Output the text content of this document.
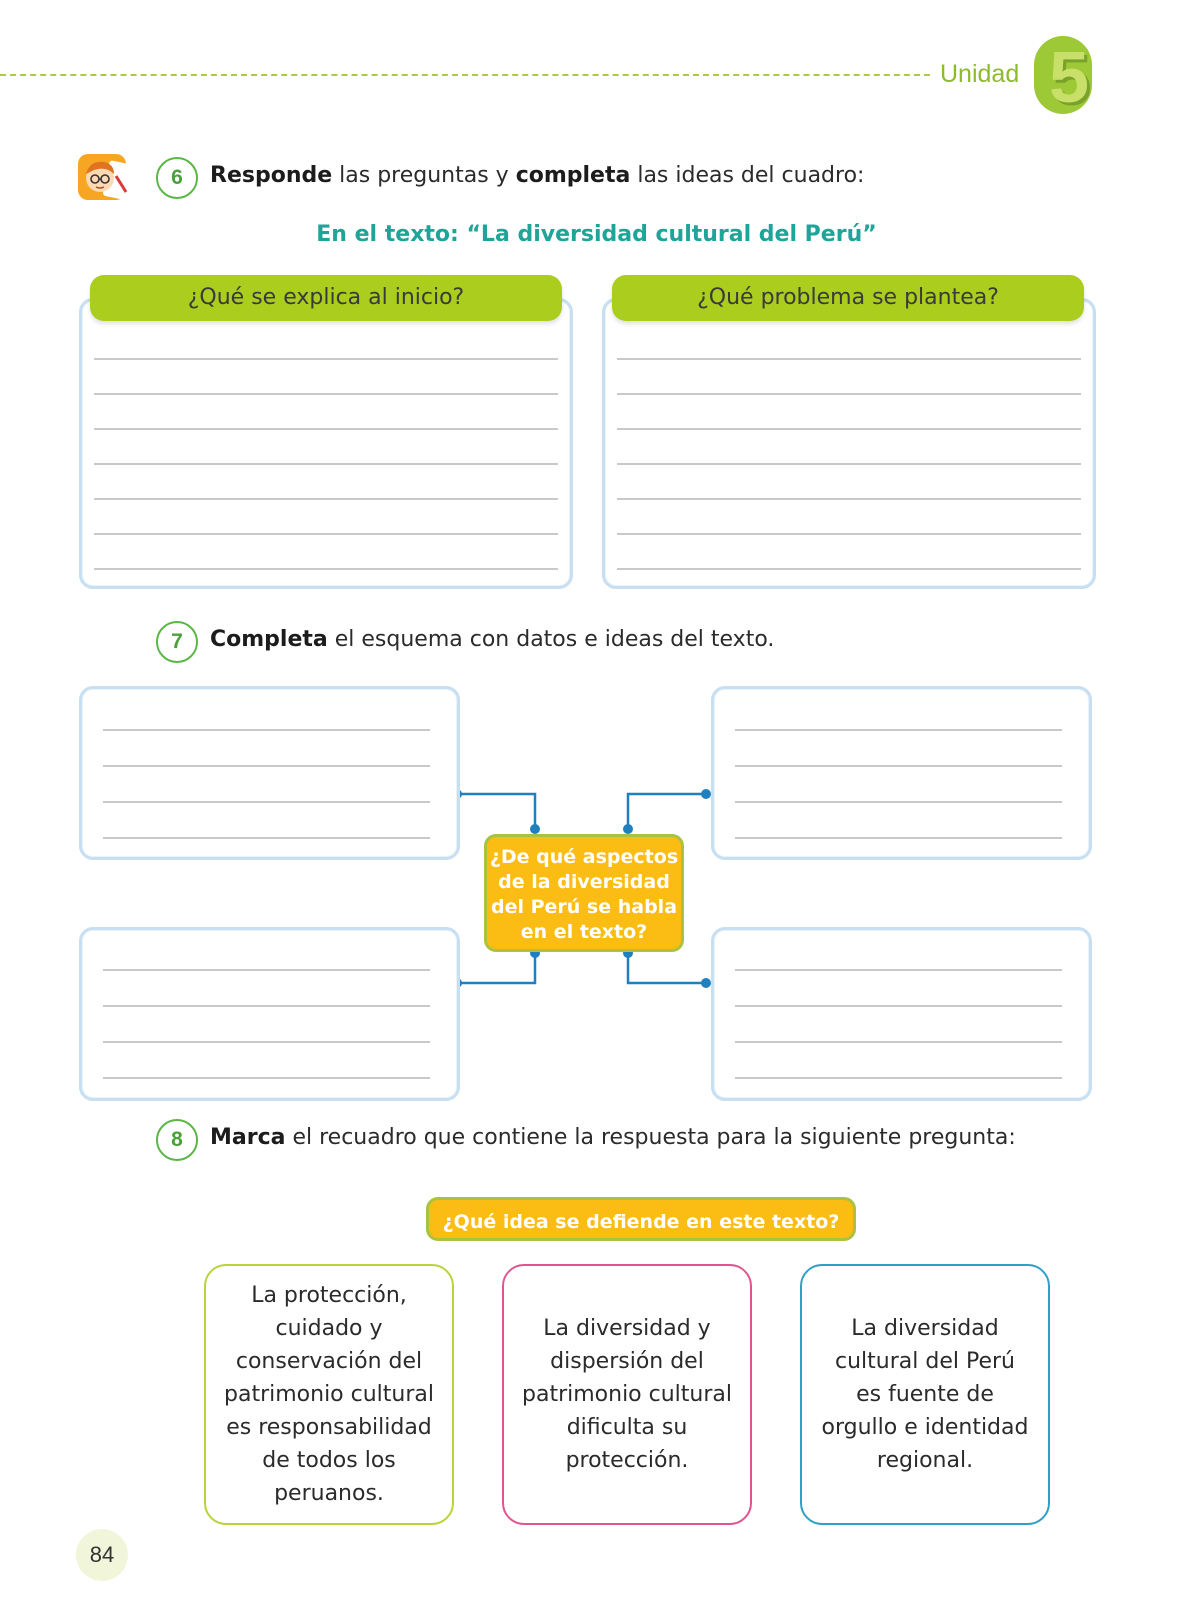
Unidad 5
6	Responde las preguntas y completa las ideas del cuadro:
En el texto: “La diversidad cultural del Perú”
¿Qué se explica al inicio?	¿Qué problema se plantea?
7	Completa el esquema con datos e ideas del texto.
¿De qué aspectos de la diversidad del Perú se habla en el texto?
8	Marca el recuadro que contiene la respuesta para la siguiente pregunta:
¿Qué idea se defiende en este texto?
La protección, cuidado y conservación del patrimonio cultural es responsabilidad de todos los peruanos.
La diversidad y dispersión del patrimonio cultural dificulta su protección.
La diversidad cultural del Perú es fuente de orgullo e identidad regional.
84
